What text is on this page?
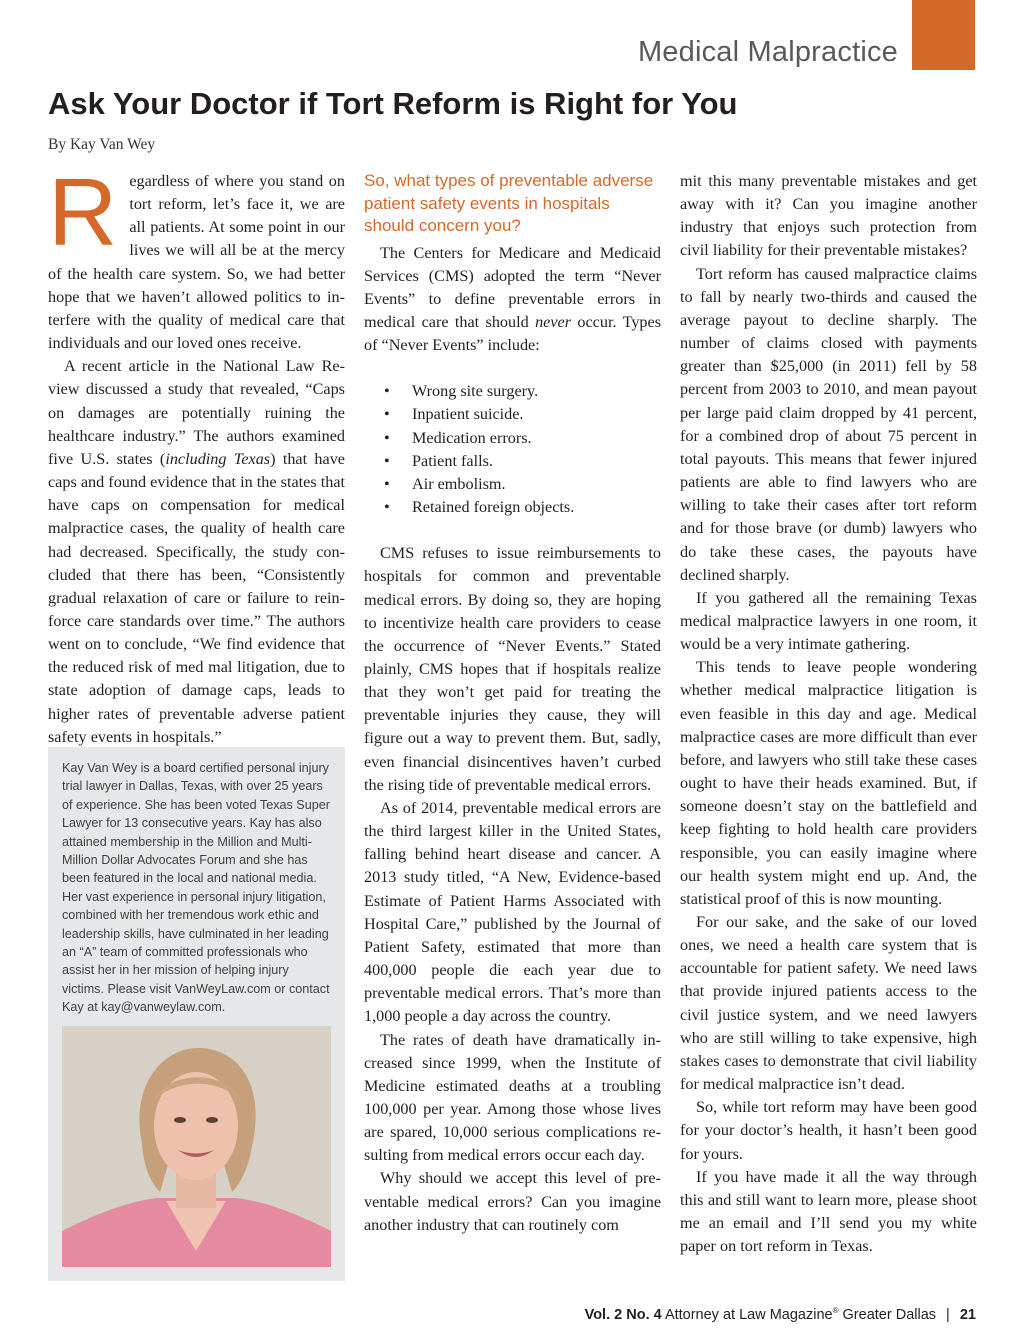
Medical Malpractice
Ask Your Doctor if Tort Reform is Right for You
By Kay Van Wey

Regardless of where you stand on tort reform, let’s face it, we are all patients. At some point in our lives we will all be at the mercy of the health care system. So, we had better hope that we haven’t allowed politics to interfere with the quality of medical care that individuals and our loved ones receive.

A recent article in the National Law Review discussed a study that revealed, “Caps on damages are potentially ruining the healthcare industry.” The authors examined five U.S. states (including Texas) that have caps and found evidence that in the states that have caps on compensation for medical malpractice cases, the quality of health care had decreased. Specifically, the study concluded that there has been, “Consistently gradual relaxation of care or failure to reinforce care standards over time.” The authors went on to conclude, “We find evidence that the reduced risk of med mal litigation, due to state adoption of damage caps, leads to higher rates of preventable adverse patient safety events in hospitals.”

Kay Van Wey is a board certified personal injury trial lawyer in Dallas, Texas, with over 25 years of experience. She has been voted Texas Super Lawyer for 13 consecutive years. Kay has also attained membership in the Million and Multi-Million Dollar Advocates Forum and she has been featured in the local and national media. Her vast experience in personal injury litigation, combined with her tremendous work ethic and leadership skills, have culminated in her leading an “A” team of committed professionals who assist her in her mission of helping injury victims. Please visit VanWeyLaw.com or contact Kay at kay@vanweylaw.com.
So, what types of preventable adverse patient safety events in hospitals should concern you?

The Centers for Medicare and Medicaid Services (CMS) adopted the term “Never Events” to define preventable errors in medical care that should never occur. Types of “Never Events” include:

• Wrong site surgery.
• Inpatient suicide.
• Medication errors.
• Patient falls.
• Air embolism.
• Retained foreign objects.

CMS refuses to issue reimbursements to hospitals for common and preventable medical errors. By doing so, they are hoping to incentivize health care providers to cease the occurrence of “Never Events.” Stated plainly, CMS hopes that if hospitals realize that they won’t get paid for treating the preventable injuries they cause, they will figure out a way to prevent them. But, sadly, even financial disincentives haven’t curbed the rising tide of preventable medical errors.

As of 2014, preventable medical errors are the third largest killer in the United States, falling behind heart disease and cancer. A 2013 study titled, “A New, Evidence-based Estimate of Patient Harms Associated with Hospital Care,” published by the Journal of Patient Safety, estimated that more than 400,000 people die each year due to preventable medical errors. That’s more than 1,000 people a day across the country.

The rates of death have dramatically increased since 1999, when the Institute of Medicine estimated deaths at a troubling 100,000 per year. Among those whose lives are spared, 10,000 serious complications resulting from medical errors occur each day.

Why should we accept this level of preventable medical errors? Can you imagine another industry that can routinely com

mit this many preventable mistakes and get away with it? Can you imagine another industry that enjoys such protection from civil liability for their preventable mistakes?

Tort reform has caused malpractice claims to fall by nearly two-thirds and caused the average payout to decline sharply. The number of claims closed with payments greater than $25,000 (in 2011) fell by 58 percent from 2003 to 2010, and mean payout per large paid claim dropped by 41 percent, for a combined drop of about 75 percent in total payouts. This means that fewer injured patients are able to find lawyers who are willing to take their cases after tort reform and for those brave (or dumb) lawyers who do take these cases, the payouts have declined sharply.

If you gathered all the remaining Texas medical malpractice lawyers in one room, it would be a very intimate gathering.

This tends to leave people wondering whether medical malpractice litigation is even feasible in this day and age. Medical malpractice cases are more difficult than ever before, and lawyers who still take these cases ought to have their heads examined. But, if someone doesn’t stay on the battlefield and keep fighting to hold health care providers responsible, you can easily imagine where our health system might end up. And, the statistical proof of this is now mounting.

For our sake, and the sake of our loved ones, we need a health care system that is accountable for patient safety. We need laws that provide injured patients access to the civil justice system, and we need lawyers who are still willing to take expensive, high stakes cases to demonstrate that civil liability for medical malpractice isn’t dead.

So, while tort reform may have been good for your doctor’s health, it hasn’t been good for yours.

If you have made it all the way through this and still want to learn more, please shoot me an email and I’ll send you my white paper on tort reform in Texas.

Vol. 2 No. 4 Attorney at Law Magazine® Greater Dallas | 21
